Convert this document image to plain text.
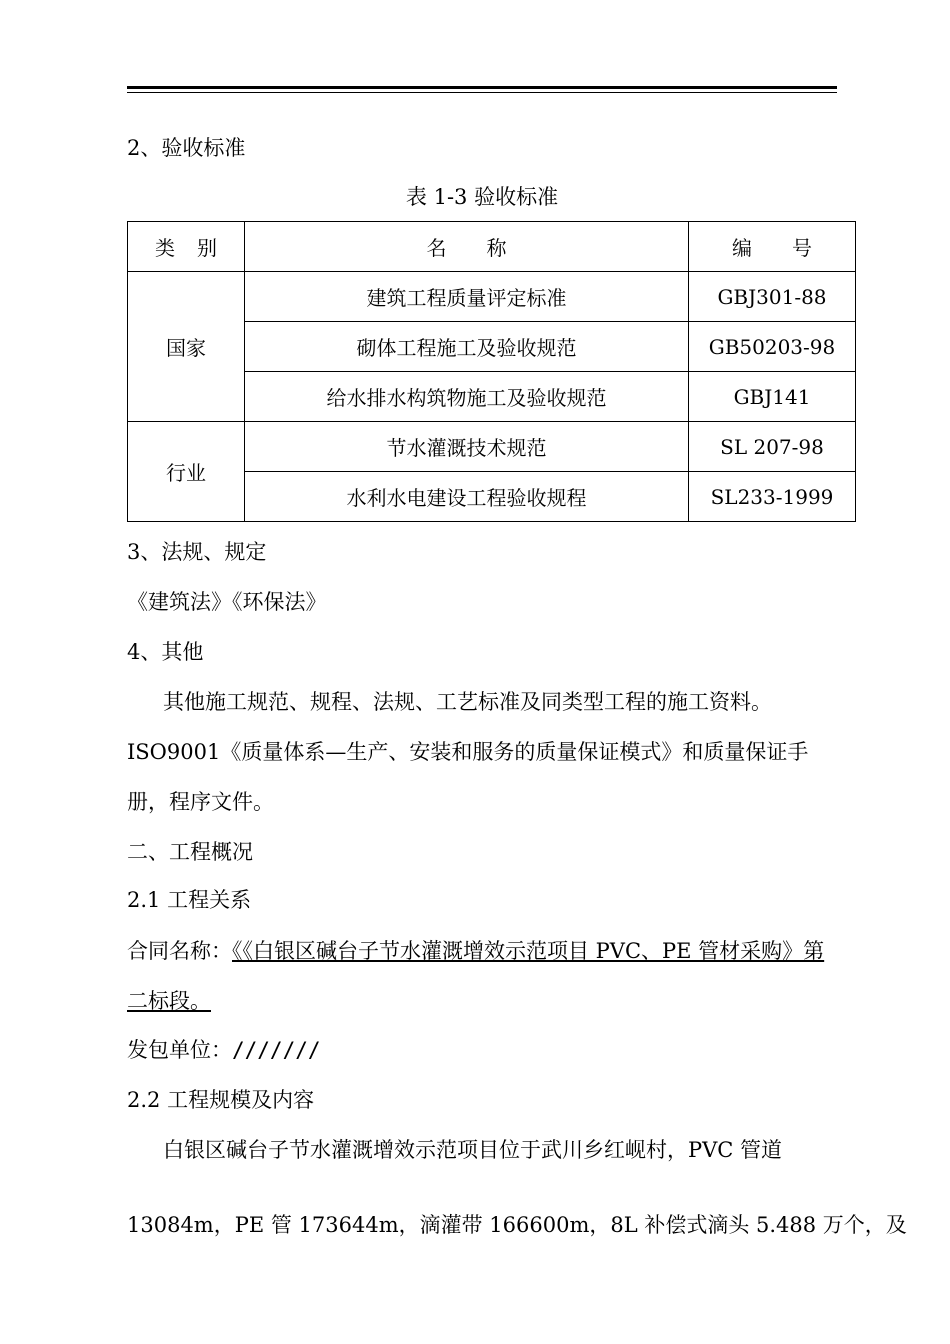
2、验收标准
表 1-3 验收标准
类别	名称	编号
国家	建筑工程质量评定标准	GBJ301-88
	砌体工程施工及验收规范	GB50203-98
	给水排水构筑物施工及验收规范	GBJ141
行业	节水灌溉技术规范	SL 207-98
	水利水电建设工程验收规程	SL233-1999
3、法规、规定
《建筑法》《环保法》
4、其他
其他施工规范、规程、法规、工艺标准及同类型工程的施工资料。
ISO9001《质量体系—生产、安装和服务的质量保证模式》和质量保证手
册，程序文件。
二、工程概况
2.1 工程关系
合同名称：《《白银区碱台子节水灌溉增效示范项目 PVC、PE 管材采购》第
二标段。
发包单位：///////
2.2 工程规模及内容
白银区碱台子节水灌溉增效示范项目位于武川乡红岘村，PVC 管道
13084m，PE 管 173644m，滴灌带 166600m，8L 补偿式滴头 5.488 万个，及
